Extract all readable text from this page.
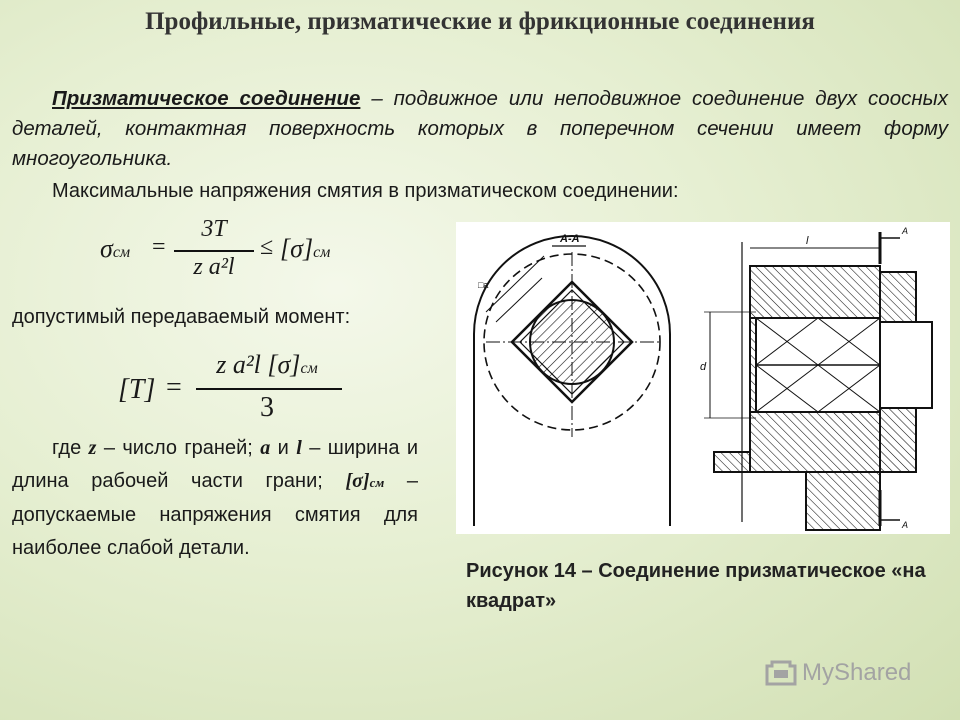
Профильные, призматические и фрикционные соединения
Призматическое соединение – подвижное или неподвижное соединение двух соосных деталей, контактная поверхность которых в поперечном сечении имеет форму многоугольника.
Максимальные напряжения смятия в призматическом соединении:
σсм =
3T
z a²l
≤ [σ]см
допустимый передаваемый момент:
[T] =
z a²l [σ]см
3
где z – число граней; a и l – ширина и длина рабочей части грани; [σ]см – допускаемые напряжения смятия для наиболее слабой детали.
А-А
□a
A
A
l
d
Рисунок 14 – Соединение призматическое «на квадрат»
MyShared
